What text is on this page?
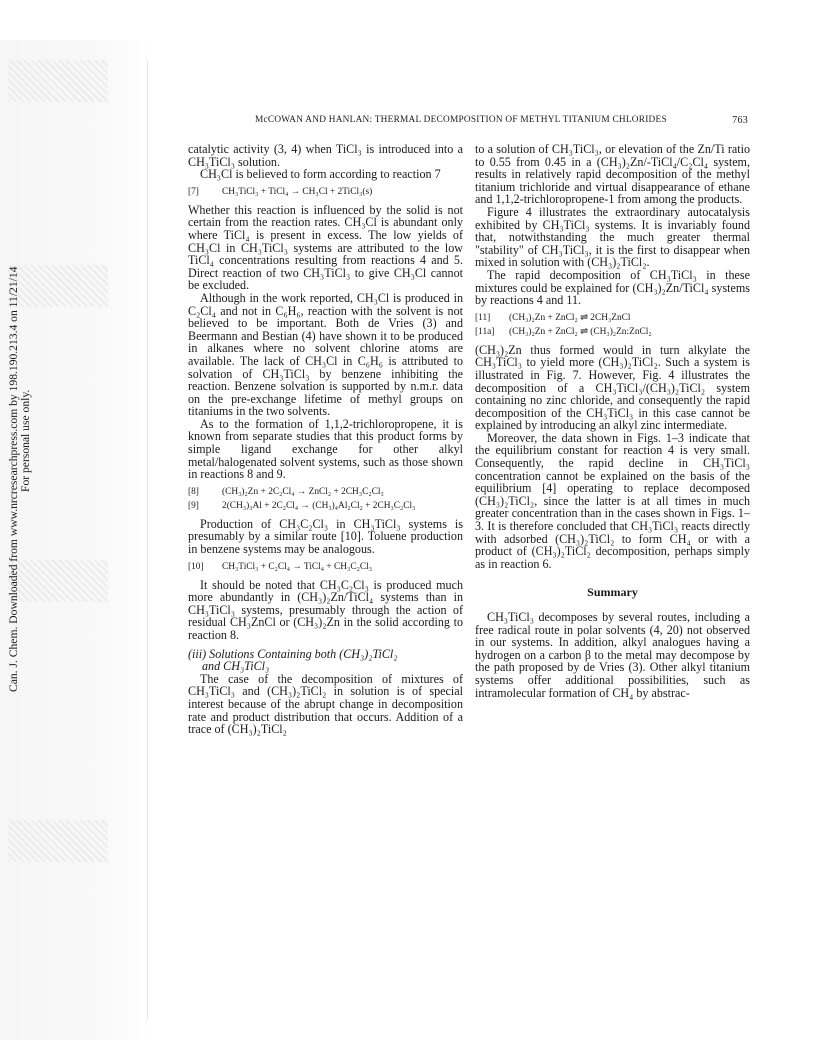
Can. J. Chem. Downloaded from www.nrcresearchpress.com by 198.190.213.4 on 11/21/14 For personal use only.
McCOWAN AND HANLAN: THERMAL DECOMPOSITION OF METHYL TITANIUM CHLORIDES	763

catalytic activity (3, 4) when TiCl₃ is introduced into a CH₃TiCl₃ solution.

CH₃Cl is believed to form according to reaction 7

[7]	CH₃TiCl₃ + TiCl₄ → CH₃Cl + 2TiCl₃(s)

Whether this reaction is influenced by the solid is not certain from the reaction rates. CH₃Cl is abundant only where TiCl₄ is present in excess. The low yields of CH₃Cl in CH₃TiCl₃ systems are attributed to the low TiCl₄ concentrations resulting from reactions 4 and 5. Direct reaction of two CH₃TiCl₃ to give CH₃Cl cannot be excluded.

Although in the work reported, CH₃Cl is produced in C₂Cl₄ and not in C₆H₆, reaction with the solvent is not believed to be important. Both de Vries (3) and Beermann and Bestian (4) have shown it to be produced in alkanes where no solvent chlorine atoms are available. The lack of CH₃Cl in C₆H₆ is attributed to solvation of CH₃TiCl₃ by benzene inhibiting the reaction. Benzene solvation is supported by n.m.r. data on the pre-exchange lifetime of methyl groups on titaniums in the two solvents.

As to the formation of 1,1,2-trichloropropene, it is known from separate studies that this product forms by simple ligand exchange for other alkyl metal/halogenated solvent systems, such as those shown in reactions 8 and 9.

[8]	(CH₃)₂Zn + 2C₂Cl₄ → ZnCl₂ + 2CH₃C₂Cl₃
[9]	2(CH₃)₃Al + 2C₂Cl₄ → (CH₃)₄Al₂Cl₂ + 2CH₃C₂Cl₃

Production of CH₃C₂Cl₃ in CH₃TiCl₃ systems is presumably by a similar route [10]. Toluene production in benzene systems may be analogous.

[10]	CH₃TiCl₃ + C₂Cl₄ → TiCl₄ + CH₃C₂Cl₃

It should be noted that CH₃C₂Cl₃ is produced much more abundantly in (CH₃)₂Zn/TiCl₄ systems than in CH₃TiCl₃ systems, presumably through the action of residual CH₃ZnCl or (CH₃)₂Zn in the solid according to reaction 8.

(iii) Solutions Containing both (CH₃)₂TiCl₂
and CH₃TiCl₃

The case of the decomposition of mixtures of CH₃TiCl₃ and (CH₃)₂TiCl₂ in solution is of special interest because of the abrupt change in decomposition rate and product distribution that occurs. Addition of a trace of (CH₃)₂TiCl₂

to a solution of CH₃TiCl₃, or elevation of the Zn/Ti ratio to 0.55 from 0.45 in a (CH₃)₂Zn/-TiCl₄/C₂Cl₄ system, results in relatively rapid decomposition of the methyl titanium trichloride and virtual disappearance of ethane and 1,1,2-trichloropropene-1 from among the products.

Figure 4 illustrates the extraordinary autocatalysis exhibited by CH₃TiCl₃ systems. It is invariably found that, notwithstanding the much greater thermal "stability" of CH₃TiCl₃, it is the first to disappear when mixed in solution with (CH₃)₂TiCl₂.

The rapid decomposition of CH₃TiCl₃ in these mixtures could be explained for (CH₃)₂Zn/TiCl₄ systems by reactions 4 and 11.

[11]	(CH₃)₂Zn + ZnCl₂ ⇌ 2CH₃ZnCl
[11a]	(CH₃)₂Zn + ZnCl₂ ⇌ (CH₃)₂Zn:ZnCl₂

(CH₃)₂Zn thus formed would in turn alkylate the CH₃TiCl₃ to yield more (CH₃)₂TiCl₂. Such a system is illustrated in Fig. 7. However, Fig. 4 illustrates the decomposition of a CH₃TiCl₃/(CH₃)₂TiCl₂ system containing no zinc chloride, and consequently the rapid decomposition of the CH₃TiCl₃ in this case cannot be explained by introducing an alkyl zinc intermediate.

Moreover, the data shown in Figs. 1–3 indicate that the equilibrium constant for reaction 4 is very small. Consequently, the rapid decline in CH₃TiCl₃ concentration cannot be explained on the basis of the equilibrium [4] operating to replace decomposed (CH₃)₂TiCl₂, since the latter is at all times in much greater concentration than in the cases shown in Figs. 1–3. It is therefore concluded that CH₃TiCl₃ reacts directly with adsorbed (CH₃)₂TiCl₂ to form CH₄ or with a product of (CH₃)₂TiCl₂ decomposition, perhaps simply as in reaction 6.

Summary

CH₃TiCl₃ decomposes by several routes, including a free radical route in polar solvents (4, 20) not observed in our systems. In addition, alkyl analogues having a hydrogen on a carbon β to the metal may decompose by the path proposed by de Vries (3). Other alkyl titanium systems offer additional possibilities, such as intramolecular formation of CH₄ by abstrac-
